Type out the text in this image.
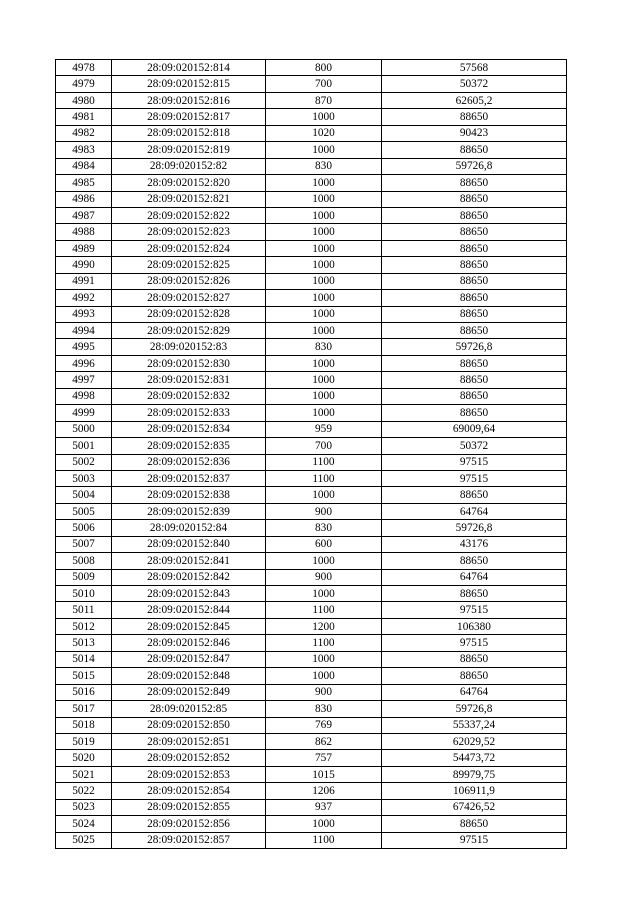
4978	28:09:020152:814	800	57568
4979	28:09:020152:815	700	50372
4980	28:09:020152:816	870	62605,2
4981	28:09:020152:817	1000	88650
4982	28:09:020152:818	1020	90423
4983	28:09:020152:819	1000	88650
4984	28:09:020152:82	830	59726,8
4985	28:09:020152:820	1000	88650
4986	28:09:020152:821	1000	88650
4987	28:09:020152:822	1000	88650
4988	28:09:020152:823	1000	88650
4989	28:09:020152:824	1000	88650
4990	28:09:020152:825	1000	88650
4991	28:09:020152:826	1000	88650
4992	28:09:020152:827	1000	88650
4993	28:09:020152:828	1000	88650
4994	28:09:020152:829	1000	88650
4995	28:09:020152:83	830	59726,8
4996	28:09:020152:830	1000	88650
4997	28:09:020152:831	1000	88650
4998	28:09:020152:832	1000	88650
4999	28:09:020152:833	1000	88650
5000	28:09:020152:834	959	69009,64
5001	28:09:020152:835	700	50372
5002	28:09:020152:836	1100	97515
5003	28:09:020152:837	1100	97515
5004	28:09:020152:838	1000	88650
5005	28:09:020152:839	900	64764
5006	28:09:020152:84	830	59726,8
5007	28:09:020152:840	600	43176
5008	28:09:020152:841	1000	88650
5009	28:09:020152:842	900	64764
5010	28:09:020152:843	1000	88650
5011	28:09:020152:844	1100	97515
5012	28:09:020152:845	1200	106380
5013	28:09:020152:846	1100	97515
5014	28:09:020152:847	1000	88650
5015	28:09:020152:848	1000	88650
5016	28:09:020152:849	900	64764
5017	28:09:020152:85	830	59726,8
5018	28:09:020152:850	769	55337,24
5019	28:09:020152:851	862	62029,52
5020	28:09:020152:852	757	54473,72
5021	28:09:020152:853	1015	89979,75
5022	28:09:020152:854	1206	106911,9
5023	28:09:020152:855	937	67426,52
5024	28:09:020152:856	1000	88650
5025	28:09:020152:857	1100	97515
